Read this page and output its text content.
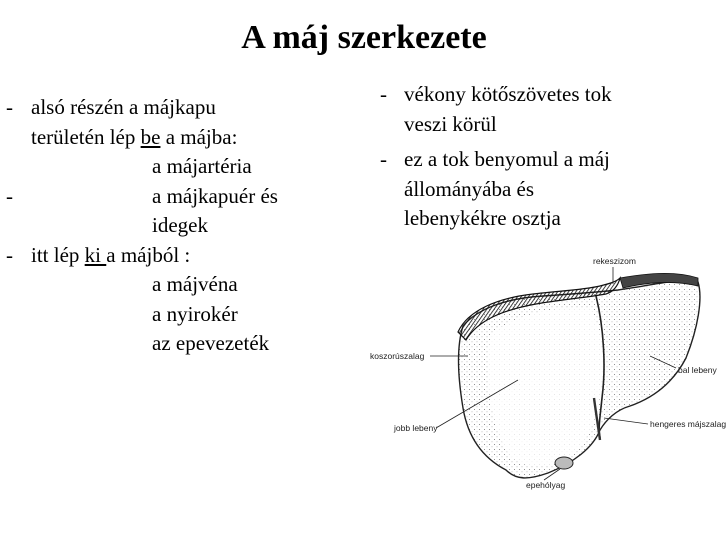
A máj szerkezete
- alsó részén a májkapu
területén lép be a májba:
a májartéria
-	a májkapuér és
idegek
- itt lép ki a májból :
a májvéna
a nyirokér
az epevezeték
- vékony kötőszövetes tok
veszi körül
- ez a tok benyomul a máj
állományába és
lebenykékre osztja
rekeszizom
koszorúszalag
bal lebeny
jobb lebeny	hengeres májszalag
epehólyag
